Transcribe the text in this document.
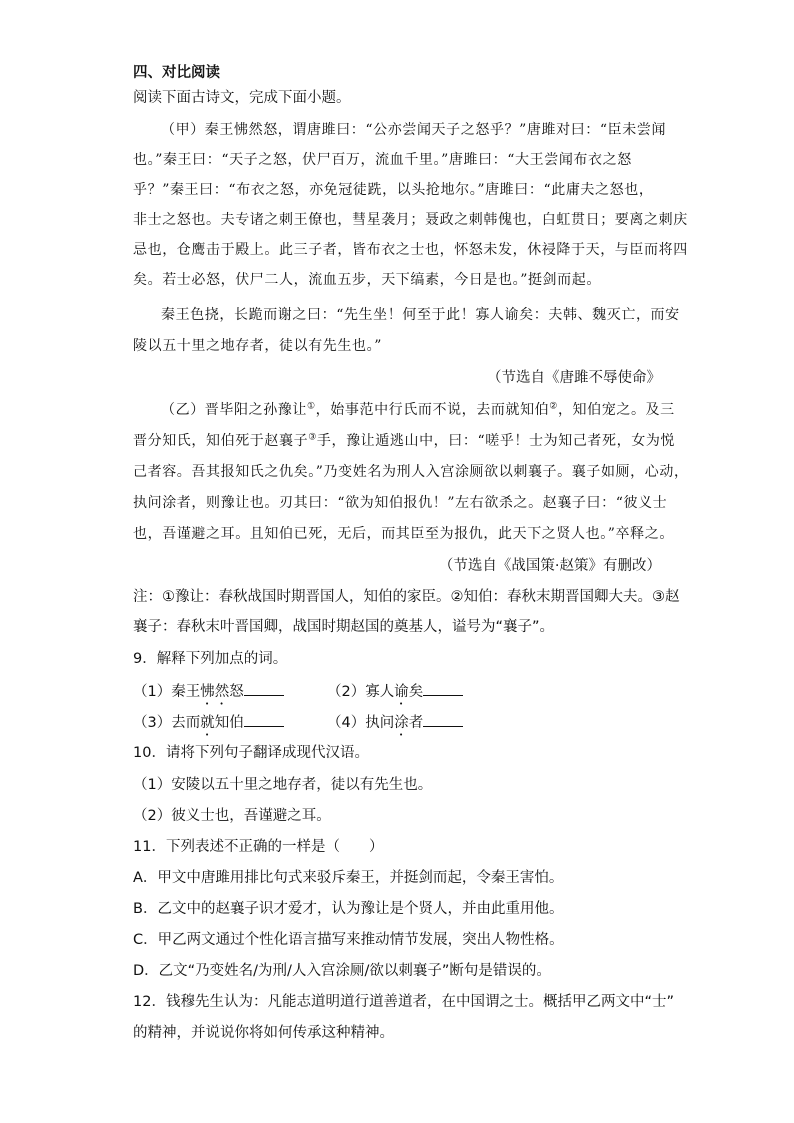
四、对比阅读
阅读下面古诗文，完成下面小题。
（甲）秦王怫然怒，谓唐雎曰：“公亦尝闻天子之怒乎？”唐雎对曰：“臣未尝闻
也。”秦王曰：“天子之怒，伏尸百万，流血千里。”唐雎曰：“大王尝闻布衣之怒
乎？”秦王曰：“布衣之怒，亦免冠徒跣，以头抢地尔。”唐雎曰：“此庸夫之怒也，
非士之怒也。夫专诸之刺王僚也，彗星袭月；聂政之刺韩傀也，白虹贯日；要离之刺庆
忌也，仓鹰击于殿上。此三子者，皆布衣之士也，怀怒未发，休祲降于天，与臣而将四
矣。若士必怒，伏尸二人，流血五步，天下缟素，今日是也。”挺剑而起。
秦王色挠，长跪而谢之曰：“先生坐！何至于此！寡人谕矣：夫韩、魏灭亡，而安
陵以五十里之地存者，徒以有先生也。”
（节选自《唐雎不辱使命》
（乙）晋毕阳之孙豫让①，始事范中行氏而不说，去而就知伯②，知伯宠之。及三
晋分知氏，知伯死于赵襄子③手，豫让遁逃山中，曰：“嗟乎！士为知己者死，女为悦
己者容。吾其报知氏之仇矣。”乃变姓名为刑人入宫涂厕欲以刺襄子。襄子如厕，心动，
执问涂者，则豫让也。刃其曰：“欲为知伯报仇！”左右欲杀之。赵襄子曰：“彼义士
也，吾谨避之耳。且知伯已死，无后，而其臣至为报仇，此天下之贤人也。”卒释之。
（节选自《战国策·赵策》有删改）
注：①豫让：春秋战国时期晋国人，知伯的家臣。②知伯：春秋末期晋国卿大夫。③赵
襄子：春秋末叶晋国卿，战国时期赵国的奠基人，谥号为“襄子”。
9．解释下列加点的词。
（1）秦王怫然怒	（2）寡人谕矣
（3）去而就知伯	（4）执问涂者
10．请将下列句子翻译成现代汉语。
（1）安陵以五十里之地存者，徒以有先生也。
（2）彼义士也，吾谨避之耳。
11．下列表述不正确的一样是（　　）
A．甲文中唐雎用排比句式来驳斥秦王，并挺剑而起，令秦王害怕。
B．乙文中的赵襄子识才爱才，认为豫让是个贤人，并由此重用他。
C．甲乙两文通过个性化语言描写来推动情节发展，突出人物性格。
D．乙文“乃变姓名/为刑/人入宫涂厕/欲以刺襄子”断句是错误的。
12．钱穆先生认为：凡能志道明道行道善道者，在中国谓之士。概括甲乙两文中“士”
的精神，并说说你将如何传承这种精神。
